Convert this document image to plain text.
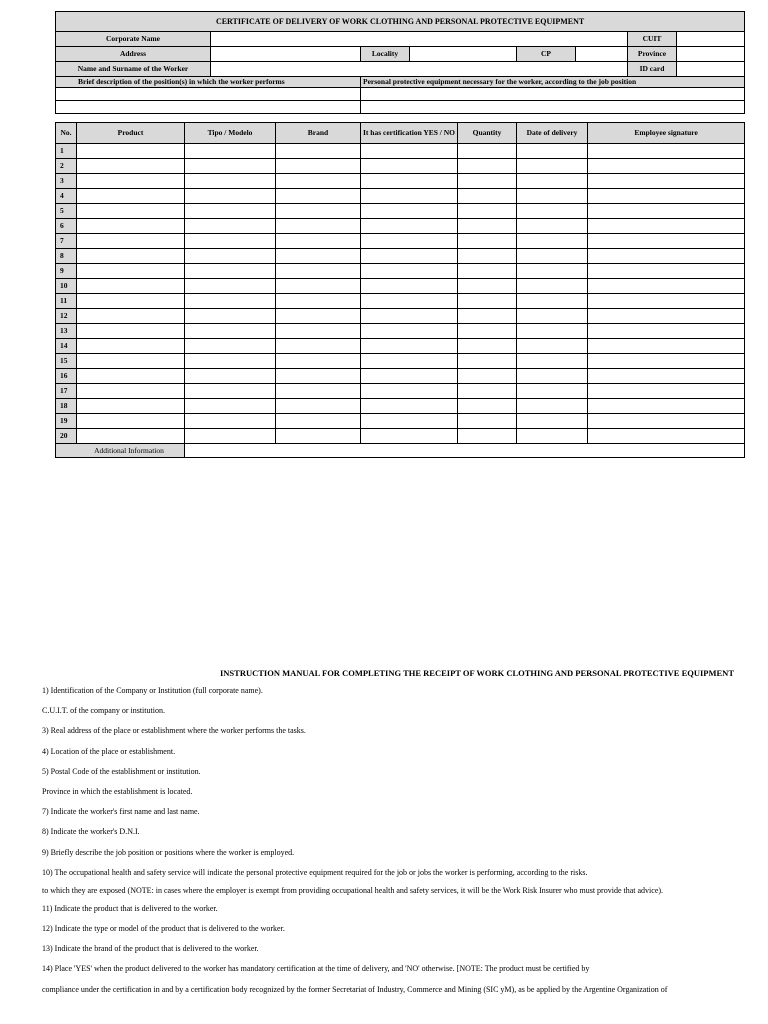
CERTIFICATE OF DELIVERY OF WORK CLOTHING AND PERSONAL PROTECTIVE EQUIPMENT												
Corporate Name											CUIT	
Address					Locality			CP			Province	
Name and Surname of the Worker											ID card	
Brief description of the position(s) in which the worker performs					Personal protective equipment necessary for the worker, according to the job position							

No.	Product	Tipo / Modelo		Brand	It has certification YES / NO		Quantity	Date of delivery		Employee signature		
1												
2												
3												
4												
5												
6												
7												
8												
9												
10												
11												
12												
13												
14												
15												
16												
17												
18												
19												
20												
Additional Information												
INSTRUCTION MANUAL FOR COMPLETING THE RECEIPT OF WORK CLOTHING AND PERSONAL PROTECTIVE EQUIPMENT
1) Identification of the Company or Institution (full corporate name).
C.U.I.T. of the company or institution.
3) Real address of the place or establishment where the worker performs the tasks.
4) Location of the place or establishment.
5) Postal Code of the establishment or institution.
Province in which the establishment is located.
7) Indicate the worker's first name and last name.
8) Indicate the worker's D.N.I.
9) Briefly describe the job position or positions where the worker is employed.
10) The occupational health and safety service will indicate the personal protective equipment required for the job or jobs the worker is performing, according to the risks.
to which they are exposed (NOTE: in cases where the employer is exempt from providing occupational health and safety services, it will be the Work Risk Insurer who must provide that advice).
11) Indicate the product that is delivered to the worker.
12) Indicate the type or model of the product that is delivered to the worker.
13) Indicate the brand of the product that is delivered to the worker.
14) Place 'YES' when the product delivered to the worker has mandatory certification at the time of delivery, and 'NO' otherwise. [NOTE: The product must be certified by
compliance under the certification in and by a certification body recognized by the former Secretariat of Industry, Commerce and Mining (SIC yM), as be applied by the Argentine Organization of
